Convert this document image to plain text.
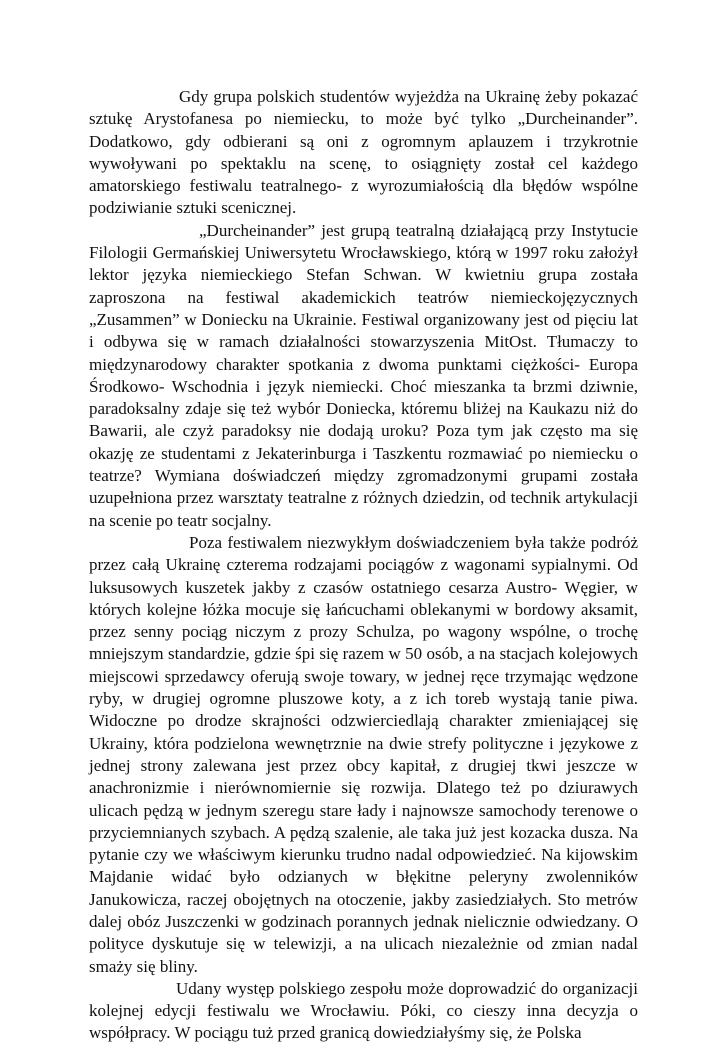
Gdy grupa polskich studentów wyjeżdża na Ukrainę żeby pokazać sztukę Arystofanesa po niemiecku, to może być tylko „Durcheinander”. Dodatkowo, gdy odbierani są oni z ogromnym aplauzem i trzykrotnie wywoływani po spektaklu na scenę, to osiągnięty został cel każdego amatorskiego festiwalu teatralnego- z wyrozumiałością dla błędów wspólne podziwianie sztuki scenicznej.

„Durcheinander” jest grupą teatralną działającą przy Instytucie Filologii Germańskiej Uniwersytetu Wrocławskiego, którą w 1997 roku założył lektor języka niemieckiego Stefan Schwan. W kwietniu grupa została zaproszona na festiwal akademickich teatrów niemieckojęzycznych „Zusammen” w Doniecku na Ukrainie. Festiwal organizowany jest od pięciu lat i odbywa się w ramach działalności stowarzyszenia MitOst. Tłumaczy to międzynarodowy charakter spotkania z dwoma punktami ciężkości- Europa Środkowo- Wschodnia i język niemiecki. Choć mieszanka ta brzmi dziwnie, paradoksalny zdaje się też wybór Doniecka, któremu bliżej na Kaukazu niż do Bawarii, ale czyż paradoksy nie dodają uroku? Poza tym jak często ma się okazję ze studentami z Jekaterinburga i Taszkentu rozmawiać po niemiecku o teatrze? Wymiana doświadczeń między zgromadzonymi grupami została uzupełniona przez warsztaty teatralne z różnych dziedzin, od technik artykulacji na scenie po teatr socjalny.

Poza festiwalem niezwykłym doświadczeniem była także podróż przez całą Ukrainę czterema rodzajami pociągów z wagonami sypialnymi. Od luksusowych kuszetek jakby z czasów ostatniego cesarza Austro- Węgier, w których kolejne łóżka mocuje się łańcuchami oblekanymi w bordowy aksamit, przez senny pociąg niczym z prozy Schulza, po wagony wspólne, o trochę mniejszym standardzie, gdzie śpi się razem w 50 osób, a na stacjach kolejowych miejscowi sprzedawcy oferują swoje towary, w jednej ręce trzymając wędzone ryby, w drugiej ogromne pluszowe koty, a z ich toreb wystają tanie piwa. Widoczne po drodze skrajności odzwierciedlają charakter zmieniającej się Ukrainy, która podzielona wewnętrznie na dwie strefy polityczne i językowe z jednej strony zalewana jest przez obcy kapitał, z drugiej tkwi jeszcze w anachronizmie i nierównomiernie się rozwija. Dlatego też po dziurawych ulicach pędzą w jednym szeregu stare łady i najnowsze samochody terenowe o przyciemnianych szybach. A pędzą szalenie, ale taka już jest kozacka dusza. Na pytanie czy we właściwym kierunku trudno nadal odpowiedzieć. Na kijowskim Majdanie widać było odzianych w błękitne peleryny zwolenników Janukowicza, raczej obojętnych na otoczenie, jakby zasiedziałych. Sto metrów dalej obóz Juszczenki w godzinach porannych jednak nielicznie odwiedzany. O polityce dyskutuje się w telewizji, a na ulicach niezależnie od zmian nadal smaży się bliny.

Udany występ polskiego zespołu może doprowadzić do organizacji kolejnej edycji festiwalu we Wrocławiu. Póki, co cieszy inna decyzja o współpracy. W pociągu tuż przed granicą dowiedziałyśmy się, że Polska
